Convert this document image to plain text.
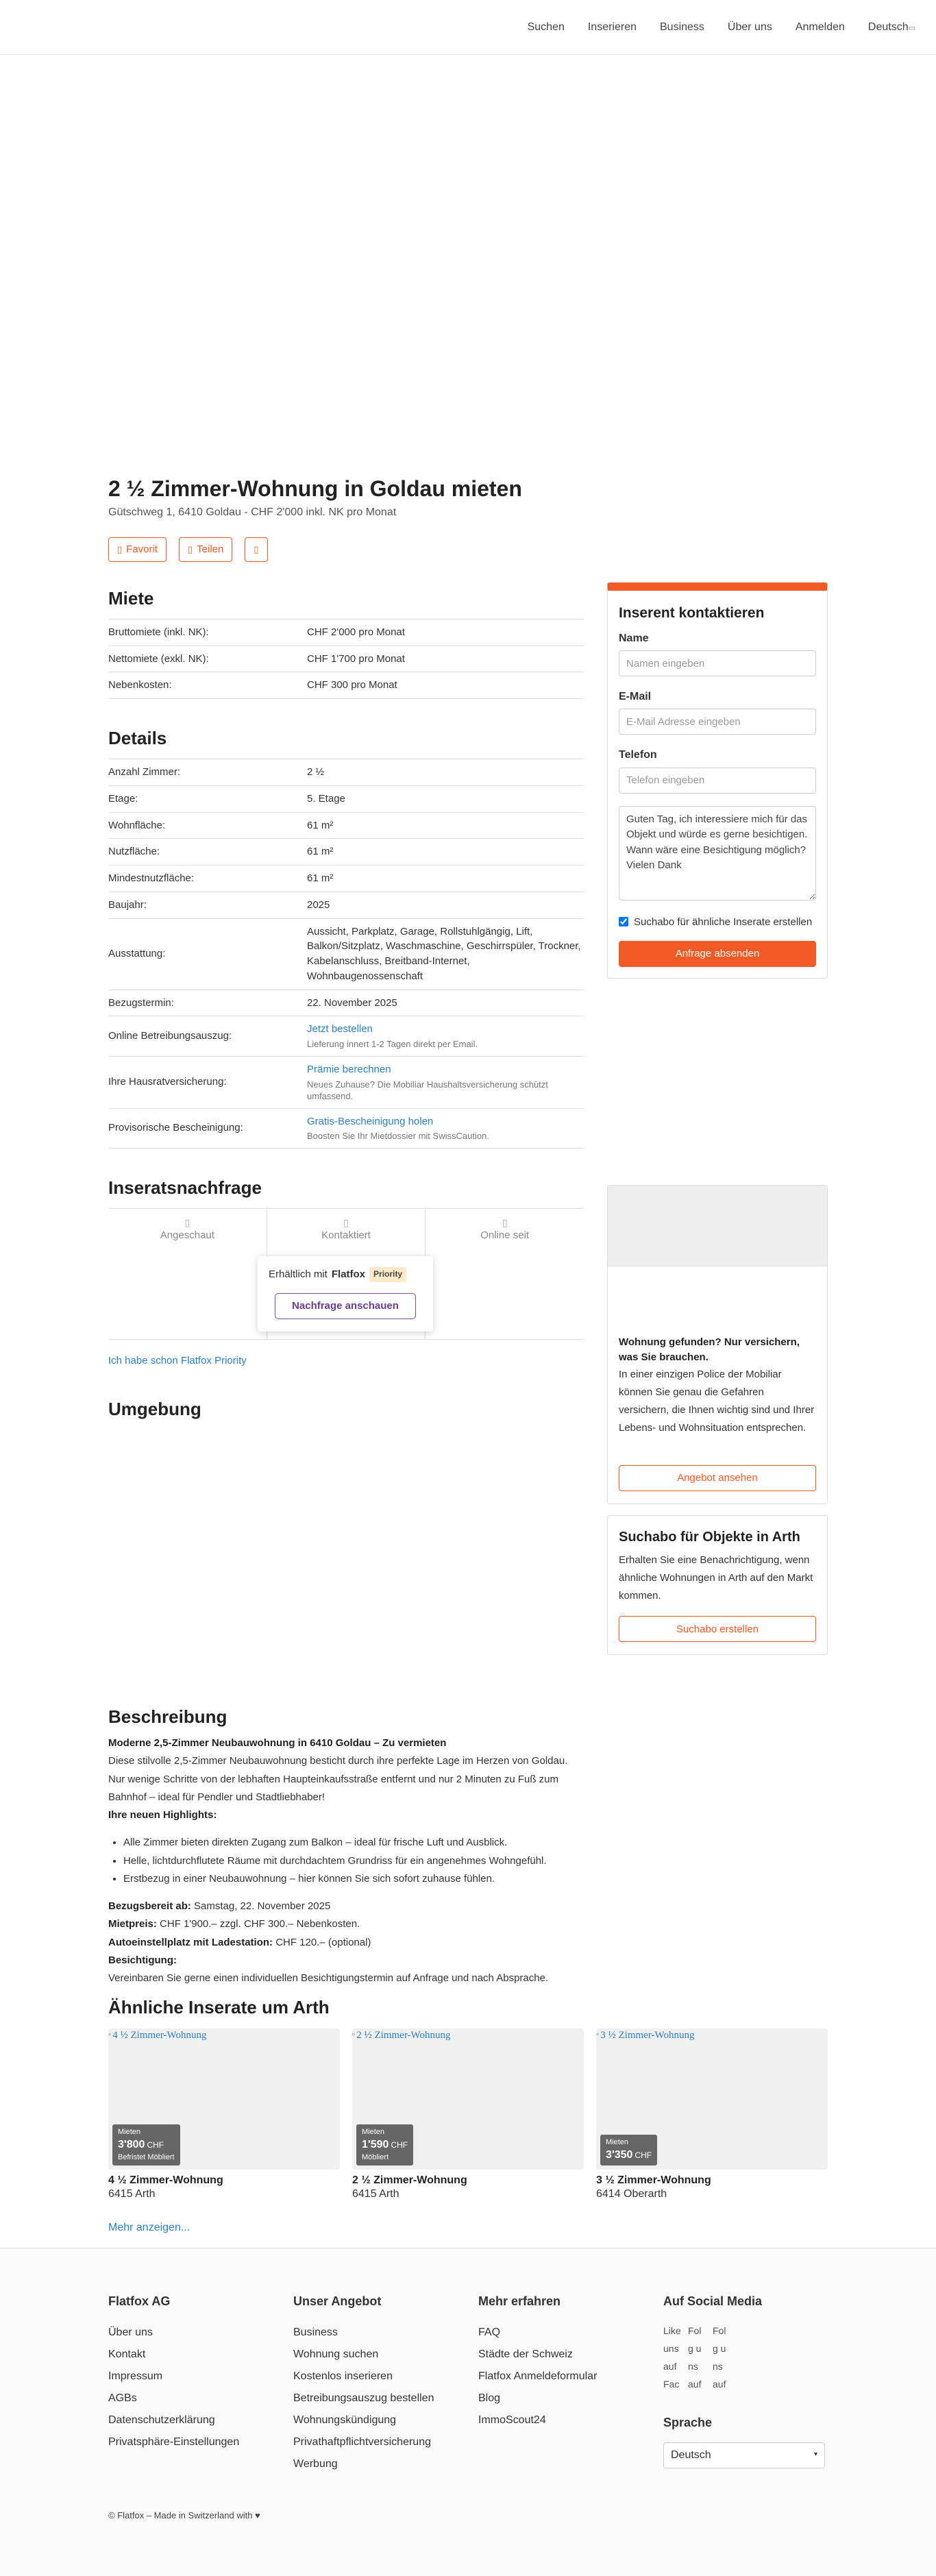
Suchen	Inserieren	Business	Über uns	Anmelden	Deutsch▭
2 ½ Zimmer-Wohnung in Goldau mieten
Gütschweg 1, 6410 Goldau - CHF 2'000 inkl. NK pro Monat
▯ Favorit	▯ Teilen	▯
Miete
Bruttomiete (inkl. NK):	CHF 2'000 pro Monat
Nettomiete (exkl. NK):	CHF 1'700 pro Monat
Nebenkosten:	CHF 300 pro Monat
Details
Anzahl Zimmer:	2 ½
Etage:	5. Etage
Wohnfläche:	61 m²
Nutzfläche:	61 m²
Mindestnutzfläche:	61 m²
Baujahr:	2025
Ausstattung:	Aussicht, Parkplatz, Garage, Rollstuhlgängig, Lift, Balkon/Sitzplatz, Waschmaschine, Geschirrspüler, Trockner, Kabelanschluss, Breitband-Internet, Wohnbaugenossenschaft
Bezugstermin:	22. November 2025
Online Betreibungsauszug:	Jetzt bestellen
Lieferung innert 1-2 Tagen direkt per Email.

Ihre Hausratversicherung:	Prämie berechnen
Neues Zuhause? Die Mobiliar Haushaltsversicherung schützt umfassend.

Provisorische Bescheinigung:	Gratis-Bescheinigung holen
Boosten Sie Ihr Mietdossier mit SwissCaution.
Inseratsnachfrage
▯
Angeschaut
▯
Kontaktiert
▯
Online seit
Erhältlich mit Flatfox	Priority
Nachfrage anschauen
Ich habe schon Flatfox Priority
Umgebung
Inserent kontaktieren
Name
Namen eingeben
E-Mail
E-Mail Adresse eingeben
Telefon
Telefon eingeben Guten Tag, ich interessiere mich für das Objekt und würde es gerne besichtigen. Wann wäre eine Besichtigung möglich? Vielen Dank
Suchabo für ähnliche Inserate erstellen
Anfrage absenden
Wohnung gefunden? Nur versichern, was Sie brauchen.
In einer einzigen Police der Mobiliar können Sie genau die Gefahren versichern, die Ihnen wichtig sind und Ihrer Lebens- und Wohnsituation entsprechen. Angebot ansehen
Suchabo für Objekte in Arth
Erhalten Sie eine Benachrichtigung, wenn ähnliche Wohnungen in Arth auf den Markt kommen.
Suchabo erstellen
Beschreibung
Moderne 2,5-Zimmer Neubauwohnung in 6410 Goldau – Zu vermieten
Diese stilvolle 2,5-Zimmer Neubauwohnung besticht durch ihre perfekte Lage im Herzen von Goldau. Nur wenige Schritte von der lebhaften Haupteinkaufsstraße entfernt und nur 2 Minuten zu Fuß zum Bahnhof – ideal für Pendler und Stadtliebhaber!
Ihre neuen Highlights:
• Alle Zimmer bieten direkten Zugang zum Balkon – ideal für frische Luft und Ausblick.
• Helle, lichtdurchflutete Räume mit durchdachtem Grundriss für ein angenehmes Wohngefühl.
• Erstbezug in einer Neubauwohnung – hier können Sie sich sofort zuhause fühlen.
Bezugsbereit ab: Samstag, 22. November 2025
Mietpreis: CHF 1'900.– zzgl. CHF 300.– Nebenkosten.
Autoeinstellplatz mit Ladestation: CHF 120.– (optional)
Besichtigung:
Vereinbaren Sie gerne einen individuellen Besichtigungstermin auf Anfrage und nach Absprache.
Ähnliche Inserate um Arth
▫ 4 ½ Zimmer-Wohnung
Mieten
3'800 CHF
Befristet Möbliert
4 ½ Zimmer-Wohnung
6415 Arth
▫ 2 ½ Zimmer-Wohnung
Mieten
1'590 CHF
Möbliert
2 ½ Zimmer-Wohnung
6415 Arth
▫ 3 ½ Zimmer-Wohnung
Mieten
3'350 CHF
3 ½ Zimmer-Wohnung
6414 Oberarth
Mehr anzeigen...
Flatfox AG
Über uns
Kontakt
Impressum
AGBs
Datenschutzerklärung
Privatsphäre-Einstellungen
Unser Angebot
Business
Wohnung suchen
Kostenlos inserieren
Betreibungsauszug bestellen
Wohnungskündigung
Privathaftpflichtversicherung
Werbung
Mehr erfahren
FAQ
Städte der Schweiz
Flatfox Anmeldeformular
Blog
ImmoScout24
Auf Social Media
Like uns auf Fac
Folg uns auf
Folg uns auf
Sprache
Deutsch	▾
© Flatfox – Made in Switzerland with ♥
